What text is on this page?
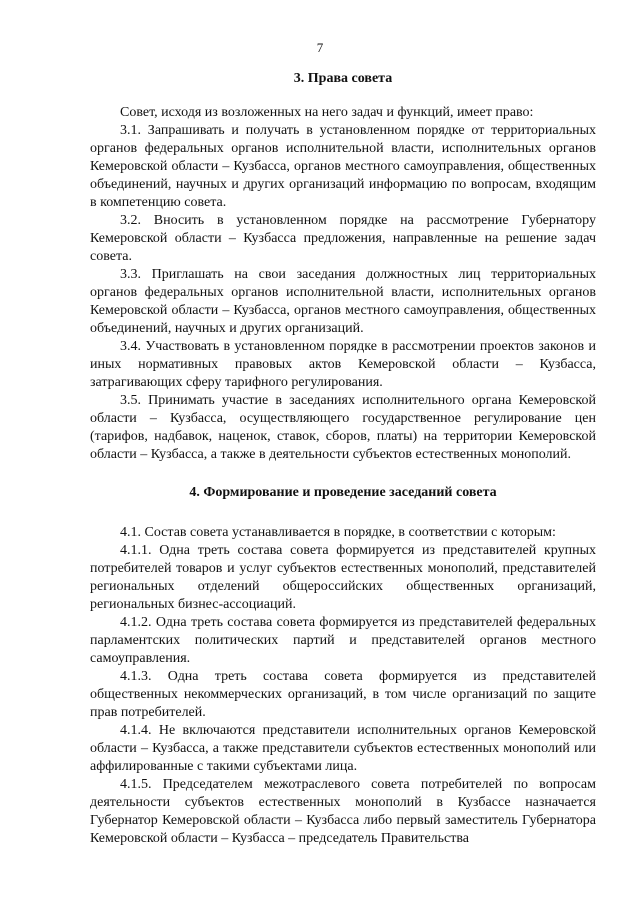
7
3. Права совета

Совет, исходя из возложенных на него задач и функций, имеет право:

3.1. Запрашивать и получать в установленном порядке от территориальных органов федеральных органов исполнительной власти, исполнительных органов Кемеровской области – Кузбасса, органов местного самоуправления, общественных объединений, научных и других организаций информацию по вопросам, входящим в компетенцию совета.

3.2. Вносить в установленном порядке на рассмотрение Губернатору Кемеровской области – Кузбасса предложения, направленные на решение задач совета.

3.3. Приглашать на свои заседания должностных лиц территориальных органов федеральных органов исполнительной власти, исполнительных органов Кемеровской области – Кузбасса, органов местного самоуправления, общественных объединений, научных и других организаций.

3.4. Участвовать в установленном порядке в рассмотрении проектов законов и иных нормативных правовых актов Кемеровской области – Кузбасса, затрагивающих сферу тарифного регулирования.

3.5. Принимать участие в заседаниях исполнительного органа Кемеровской области – Кузбасса, осуществляющего государственное регулирование цен (тарифов, надбавок, наценок, ставок, сборов, платы) на территории Кемеровской области – Кузбасса, а также в деятельности субъектов естественных монополий.

4. Формирование и проведение заседаний совета

4.1. Состав совета устанавливается в порядке, в соответствии с которым:

4.1.1. Одна треть состава совета формируется из представителей крупных потребителей товаров и услуг субъектов естественных монополий, представителей региональных отделений общероссийских общественных организаций, региональных бизнес-ассоциаций.

4.1.2. Одна треть состава совета формируется из представителей федеральных парламентских политических партий и представителей органов местного самоуправления.

4.1.3. Одна треть состава совета формируется из представителей общественных некоммерческих организаций, в том числе организаций по защите прав потребителей.

4.1.4. Не включаются представители исполнительных органов Кемеровской области – Кузбасса, а также представители субъектов естественных монополий или аффилированные с такими субъектами лица.

4.1.5. Председателем межотраслевого совета потребителей по вопросам деятельности субъектов естественных монополий в Кузбассе назначается Губернатор Кемеровской области – Кузбасса либо первый заместитель Губернатора Кемеровской области – Кузбасса – председатель Правительства
